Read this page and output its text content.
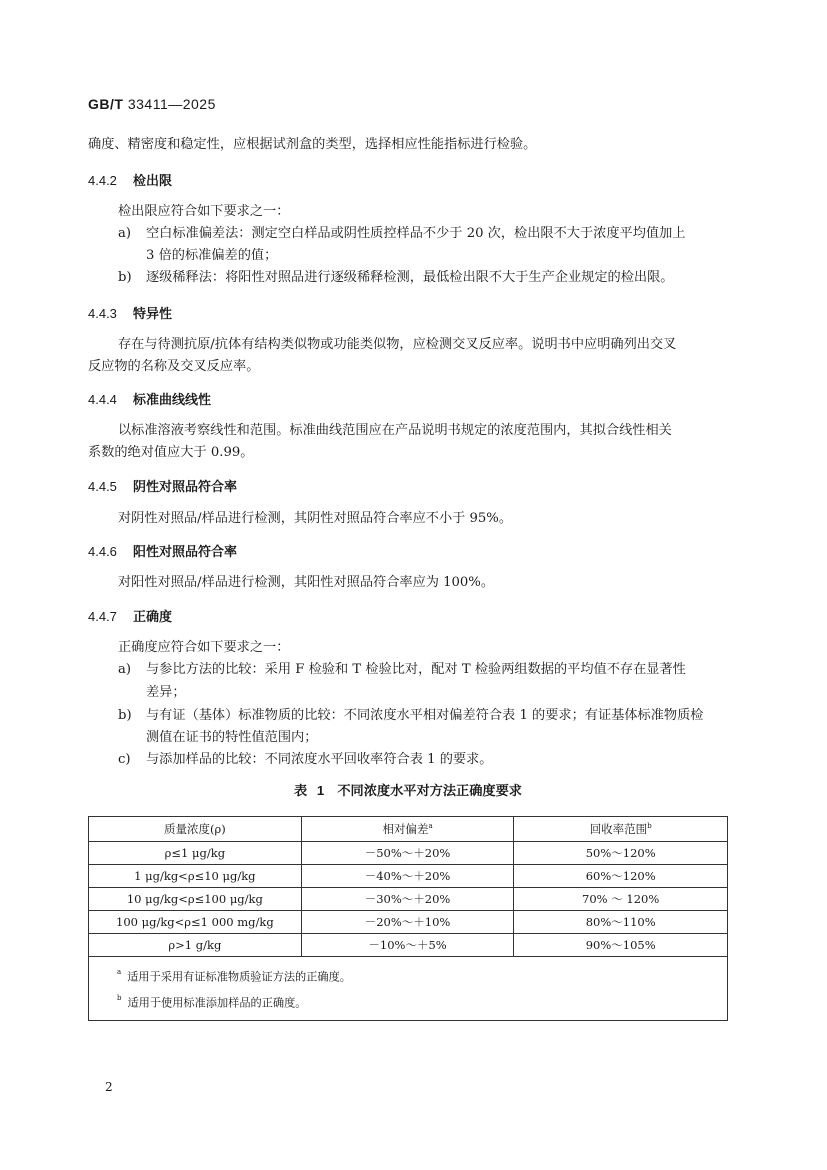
GB/T 33411—2025
确度、精密度和稳定性，应根据试剂盒的类型，选择相应性能指标进行检验。
4.4.2 检出限
检出限应符合如下要求之一：
a) 空白标准偏差法：测定空白样品或阴性质控样品不少于 20 次，检出限不大于浓度平均值加上
3 倍的标准偏差的值；
b) 逐级稀释法：将阳性对照品进行逐级稀释检测，最低检出限不大于生产企业规定的检出限。
4.4.3 特异性
存在与待测抗原/抗体有结构类似物或功能类似物，应检测交叉反应率。说明书中应明确列出交叉
反应物的名称及交叉反应率。
4.4.4 标准曲线线性
以标准溶液考察线性和范围。标准曲线范围应在产品说明书规定的浓度范围内，其拟合线性相关
系数的绝对值应大于 0.99。
4.4.5 阴性对照品符合率
对阴性对照品/样品进行检测，其阴性对照品符合率应不小于 95%。
4.4.6 阳性对照品符合率
对阳性对照品/样品进行检测，其阳性对照品符合率应为 100%。
4.4.7 正确度
正确度应符合如下要求之一：
a) 与参比方法的比较：采用 F 检验和 T 检验比对，配对 T 检验两组数据的平均值不存在显著性
差异；
b) 与有证（基体）标准物质的比较：不同浓度水平相对偏差符合表 1 的要求；有证基体标准物质检
测值在证书的特性值范围内；
c) 与添加样品的比较：不同浓度水平回收率符合表 1 的要求。
表 1　不同浓度水平对方法正确度要求
质量浓度(ρ)	相对偏差$^a$	回收率范围$^b$
ρ≤1 μg/kg	－50%～＋20%	50%～120%
1 μg/kg<ρ≤10 μg/kg	－40%～＋20%	60%～120%
10 μg/kg<ρ≤100 μg/kg	－30%～＋20%	70% ～ 120%
100 μg/kg<ρ≤1 000 mg/kg	－20%～＋10%	80%～110%
ρ>1 g/kg	－10%～＋5%	90%～105%

$^a$ 适用于采用有证标准物质验证方法的正确度。
$^b$ 适用于使用标准添加样品的正确度。		
2
